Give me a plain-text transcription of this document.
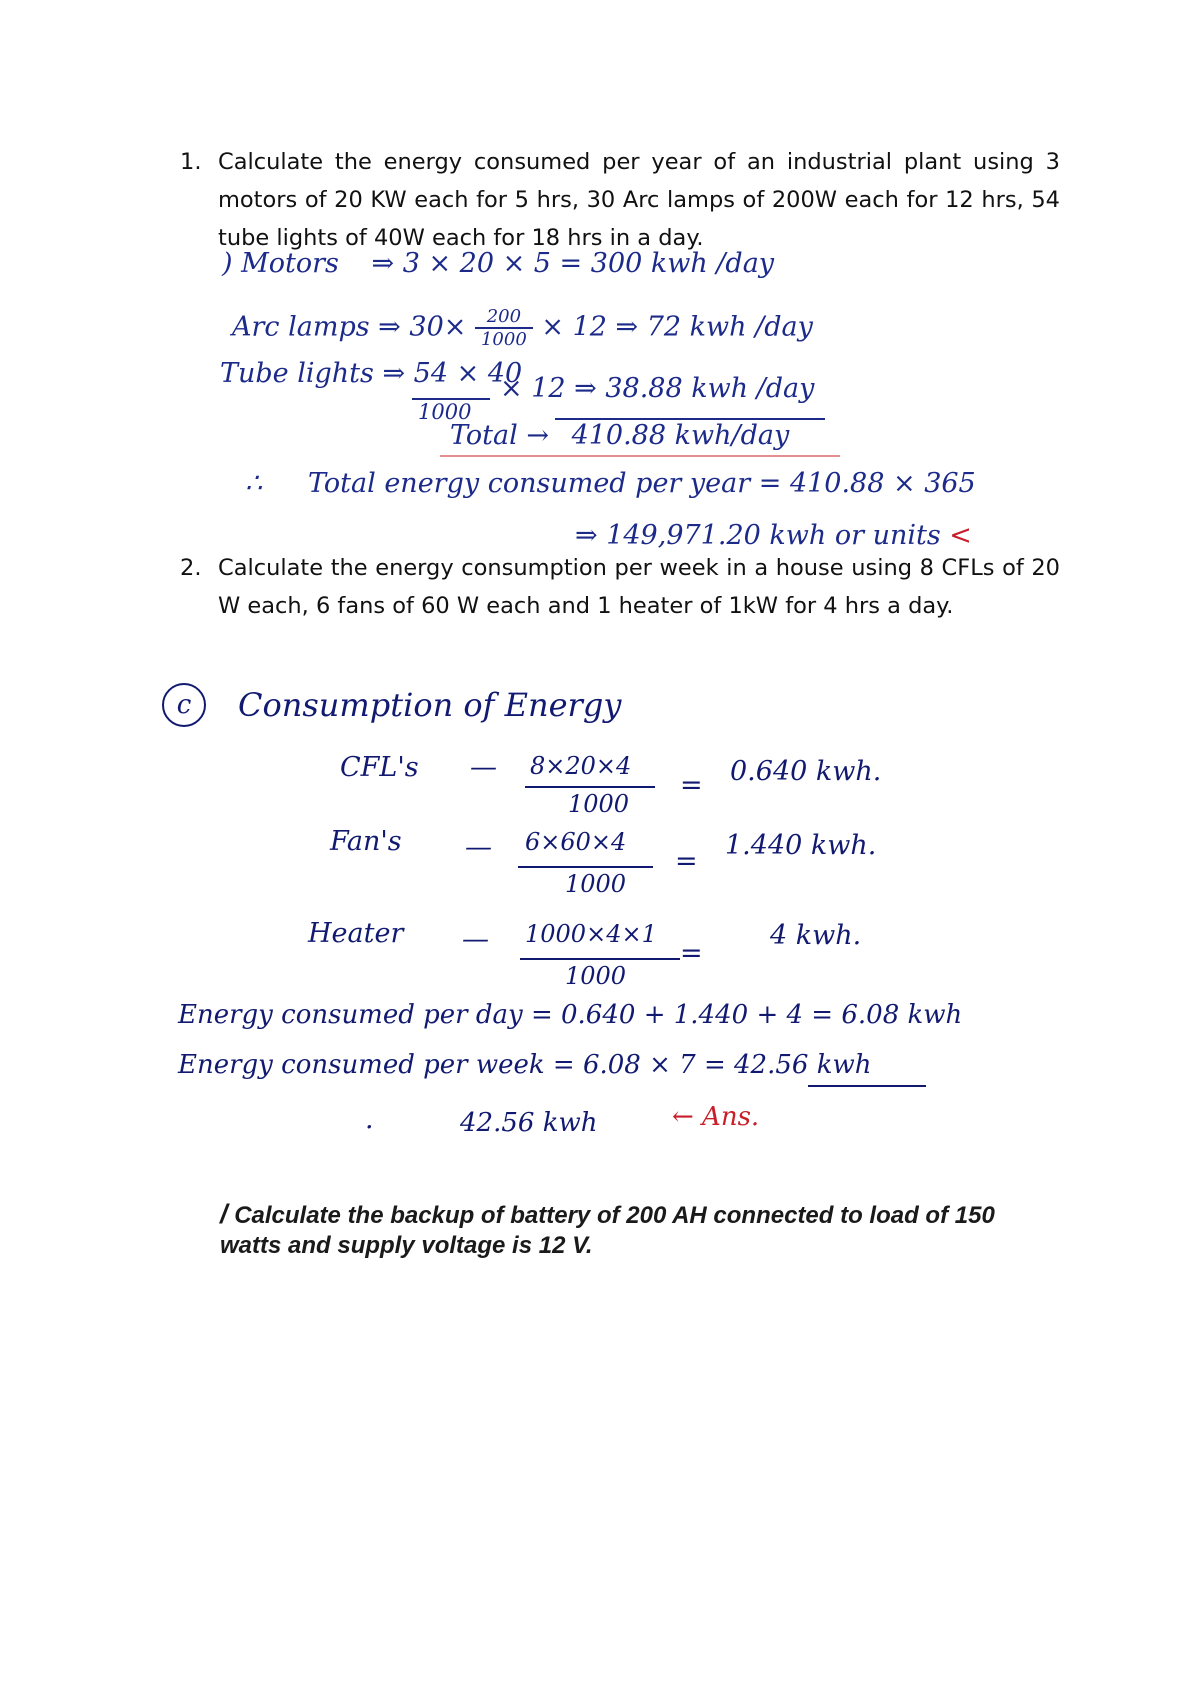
1. Calculate the energy consumed per year of an industrial plant using 3 motors of 20 KW each for 5 hrs, 30 Arc lamps of 200W each for 12 hrs, 54 tube lights of 40W each for 18 hrs in a day.
) Motors ⇒ 3 × 20 × 5 = 300 kwh /day
Arc lamps ⇒ $30\times \frac{200}{1000} \times 12$ ⇒ 72 kwh /day
Tube lights ⇒ 54 × 40
1000
× 12 ⇒ 38.88 kwh /day
Total → 410.88 kwh/day
∴ Total energy consumed per year = 410.88 × 365
⇒ 149,971.20 kwh or units <
2. Calculate the energy consumption per week in a house using 8 CFLs of 20 W each, 6 fans of 60 W each and 1 heater of 1kW for 4 hrs a day.
c	Consumption of Energy
CFL's — 8×20×4
1000
= 0.640 kwh.
Fan's — 6×60×4
1000
=
1.440 kwh.
Heater — 1000×4×1
1000
=
4 kwh.
Energy consumed per day = 0.640 + 1.440 + 4 = 6.08 kwh
Energy consumed per week = 6.08 × 7 = 42.56 kwh
·	42.56 kwh	← Ans.
/ Calculate the backup of battery of 200 AH connected to load of 150
watts and supply voltage is 12 V.
